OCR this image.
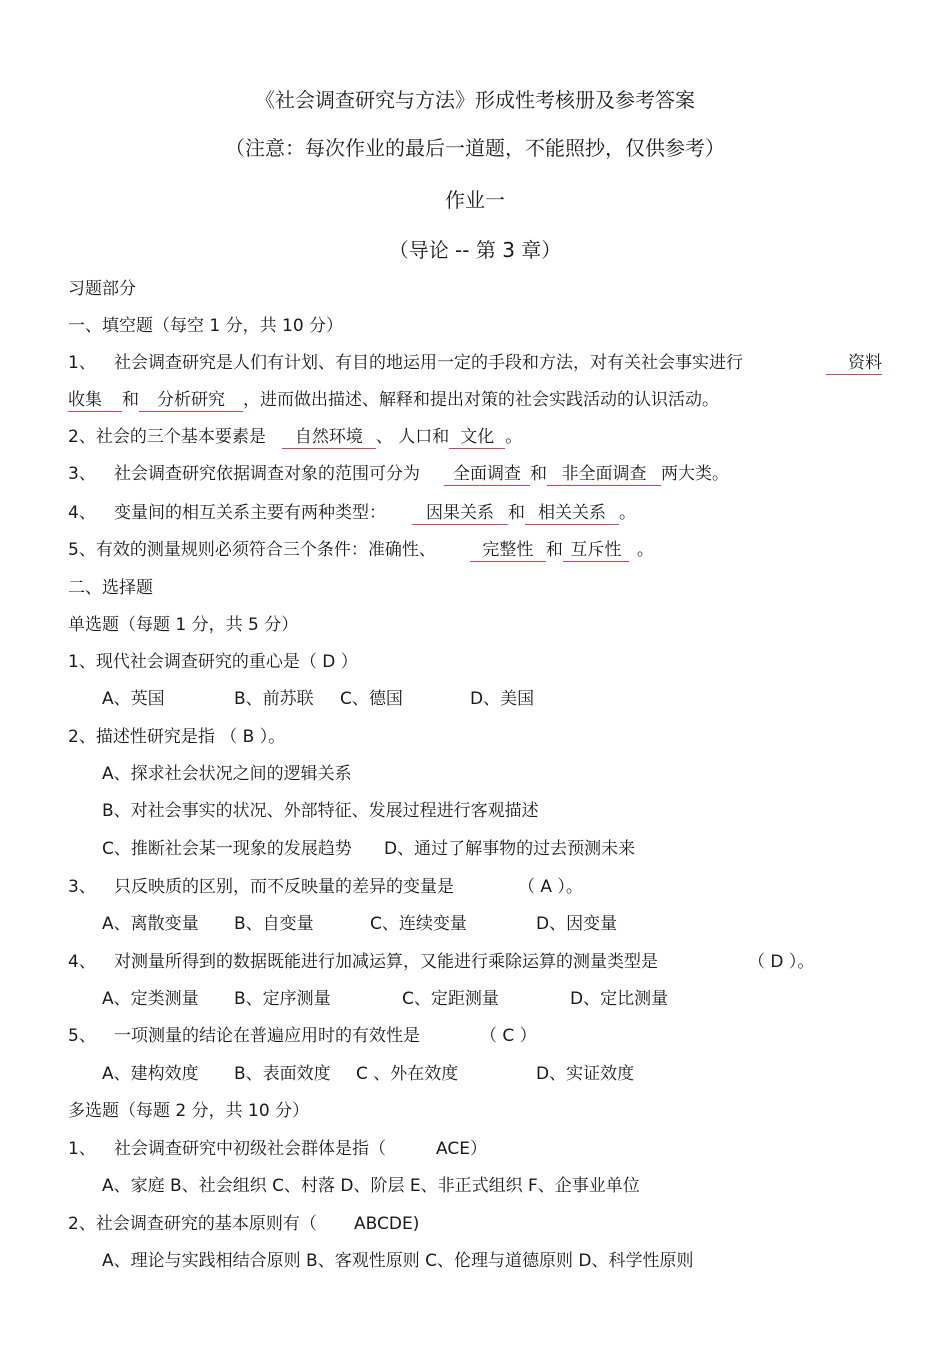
《社会调查研究与方法》形成性考核册及参考答案
（注意：每次作业的最后一道题，不能照抄，仅供参考）
作业一
（导论 -- 第 3 章）
习题部分
一、填空题（每空 1 分，共 10 分）
1、 社会调查研究是人们有计划、有目的地运用一定的手段和方法，对有关社会事实进行	资料
收集 和 分析研究 ，进而做出描述、解释和提出对策的社会实践活动的认识活动。
2、社会的三个基本要素是 自然环境 、 人口和 文化 。
3、 社会调查研究依据调查对象的范围可分为 全面调查 和 非全面调查 两大类。
4、 变量间的相互关系主要有两种类型： 因果关系 和 相关关系 。
5、有效的测量规则必须符合三个条件：准确性、	完整性 和 互斥性 。
二、选择题
单选题（每题 1 分，共 5 分）
1、现代社会调查研究的重心是（ D ）
A、英国	B、前苏联 C、德国	D、美国
2、描述性研究是指 （ B ）。
A、探求社会状况之间的逻辑关系
B、对社会事实的状况、外部特征、发展过程进行客观描述
C、推断社会某一现象的发展趋势 D、通过了解事物的过去预测未来
3、 只反映质的区别，而不反映量的差异的变量是	（ A ）。
A、离散变量 B、自变量	C、连续变量	D、因变量
4、 对测量所得到的数据既能进行加减运算，又能进行乘除运算的测量类型是	（ D ）。
A、定类测量 B、定序测量	C、定距测量	D、定比测量
5、 一项测量的结论在普遍应用时的有效性是	（ C ）
A、建构效度 B、表面效度 C 、外在效度	D、实证效度
多选题（每题 2 分，共 10 分）
1、 社会调查研究中初级社会群体是指（	ACE）
A、家庭 B、社会组织 C、村落 D、阶层 E、非正式组织 F、企事业单位
2、社会调查研究的基本原则有（ ABCDE)
A、理论与实践相结合原则 B、客观性原则 C、伦理与道德原则 D、科学性原则
